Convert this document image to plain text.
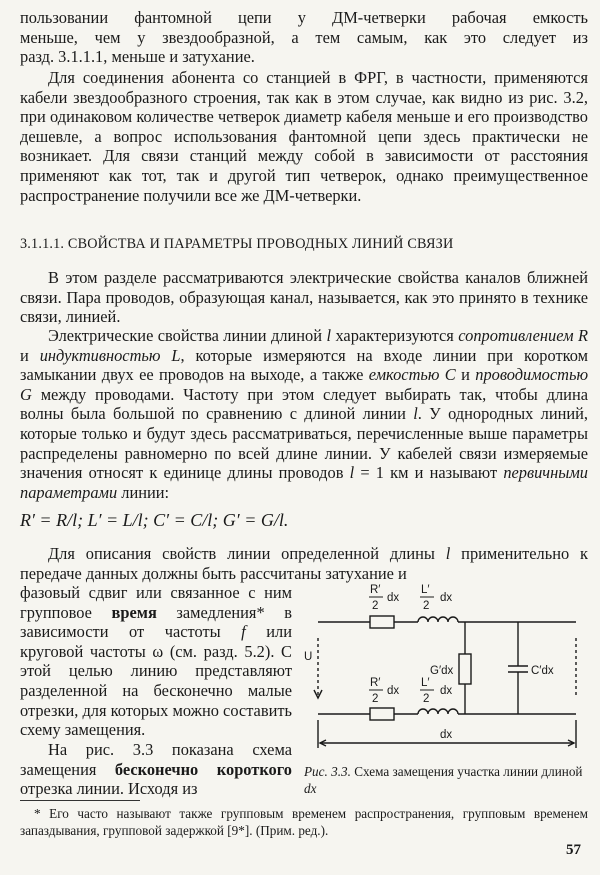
пользовании фантомной цепи у ДМ-четверки рабочая емкость
меньше, чем у звездообразной, а тем самым, как это следует из
разд. 3.1.1.1, меньше и затухание.

Для соединения абонента со станцией в ФРГ, в частности, применяются кабели звездообразного строения, так как в этом случае, как видно из рис. 3.2, при одинаковом количестве четверок диаметр кабеля меньше и его производство дешевле, а вопрос использования фантомной цепи здесь практически не возникает. Для связи станций между собой в зависимости от расстояния применяют как тот, так и другой тип четверок, однако преимущественное распространение получили все же ДМ-четверки.

3.1.1.1. СВОЙСТВА И ПАРАМЕТРЫ ПРОВОДНЫХ ЛИНИЙ СВЯЗИ

В этом разделе рассматриваются электрические свойства каналов ближней связи. Пара проводов, образующая канал, называется, как это принято в технике связи, линией.

Электрические свойства линии длиной l характеризуются сопротивлением R и индуктивностью L, которые измеряются на входе линии при коротком замыкании двух ее проводов на выходе, а также емкостью C и проводимостью G между проводами. Частоту при этом следует выбирать так, чтобы длина волны была большой по сравнению с длиной линии l. У однородных линий, которые только и будут здесь рассматриваться, перечисленные выше параметры распределены равномерно по всей длине линии. У кабелей связи измеряемые значения относят к единице длины проводов l = 1 км и называют первичными параметрами линии:

R′ = R/l; L′ = L/l; C′ = C/l; G′ = G/l.

Для описания свойств линии определенной длины l применительно к передаче данных должны быть рассчитаны затухание и

фазовый сдвиг или связанное с ним групповое время замедления* в зависимости от частоты f или круговой частоты ω (см. разд. 5.2). С этой целью линию представляют разделенной на бесконечно малые отрезки, для которых можно составить схему замещения.

На рис. 3.3 показана схема замещения бесконечно короткого отрезка линии. Исходя из

R′
2
dx
L′
2
dx
R′
2
dx
L′
2
dx
G′dx	C′dx
U
dx

Рис. 3.3. Схема замещения участка линии длиной dx

* Его часто называют также групповым временем распространения, групповым временем запаздывания, групповой задержкой [9*]. (Прим. ред.).

57
